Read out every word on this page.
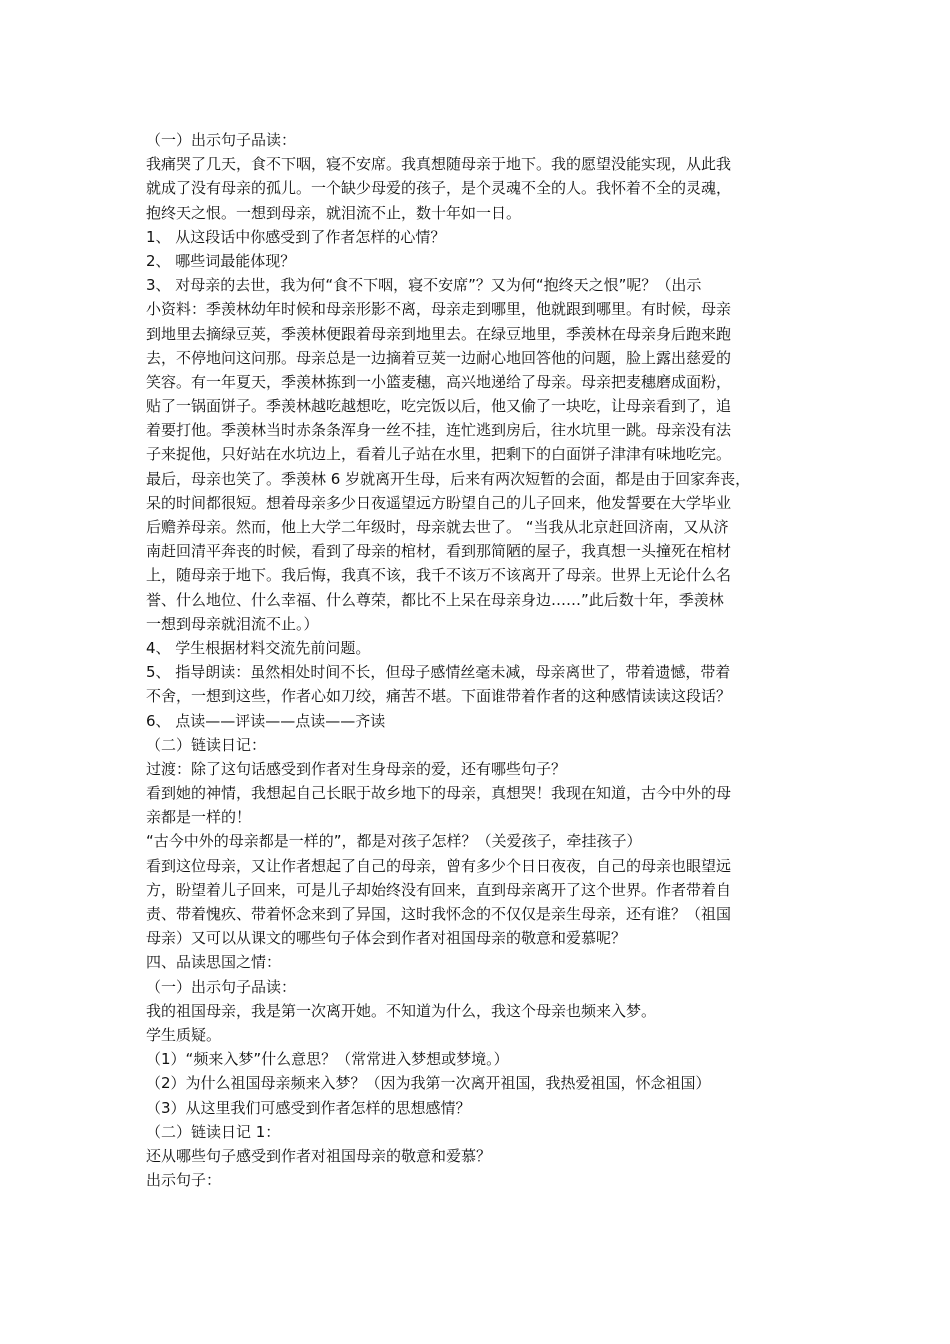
（一）出示句子品读：
我痛哭了几天，食不下咽，寝不安席。我真想随母亲于地下。我的愿望没能实现，从此我
就成了没有母亲的孤儿。一个缺少母爱的孩子，是个灵魂不全的人。我怀着不全的灵魂，
抱终天之恨。一想到母亲，就泪流不止，数十年如一日。
1、 从这段话中你感受到了作者怎样的心情？
2、 哪些词最能体现？
3、 对母亲的去世，我为何“食不下咽，寝不安席”？又为何“抱终天之恨”呢？（出示
小资料：季羡林幼年时候和母亲形影不离，母亲走到哪里，他就跟到哪里。有时候，母亲
到地里去摘绿豆荚，季羡林便跟着母亲到地里去。在绿豆地里，季羡林在母亲身后跑来跑
去，不停地问这问那。母亲总是一边摘着豆荚一边耐心地回答他的问题，脸上露出慈爱的
笑容。有一年夏天，季羡林拣到一小篮麦穗，高兴地递给了母亲。母亲把麦穗磨成面粉，
贴了一锅面饼子。季羡林越吃越想吃，吃完饭以后，他又偷了一块吃，让母亲看到了，追
着要打他。季羡林当时赤条条浑身一丝不挂，连忙逃到房后，往水坑里一跳。母亲没有法
子来捉他，只好站在水坑边上，看着儿子站在水里，把剩下的白面饼子津津有味地吃完。
最后，母亲也笑了。季羡林 6 岁就离开生母，后来有两次短暂的会面，都是由于回家奔丧，
呆的时间都很短。想着母亲多少日夜遥望远方盼望自己的儿子回来，他发誓要在大学毕业
后赡养母亲。然而，他上大学二年级时，母亲就去世了。 “当我从北京赶回济南，又从济
南赶回清平奔丧的时候，看到了母亲的棺材，看到那简陋的屋子，我真想一头撞死在棺材
上，随母亲于地下。我后悔，我真不该，我千不该万不该离开了母亲。世界上无论什么名
誉、什么地位、什么幸福、什么尊荣，都比不上呆在母亲身边……”此后数十年，季羡林
一想到母亲就泪流不止。）
4、 学生根据材料交流先前问题。
5、 指导朗读：虽然相处时间不长，但母子感情丝毫未减，母亲离世了，带着遗憾，带着
不舍，一想到这些，作者心如刀绞，痛苦不堪。下面谁带着作者的这种感情读读这段话？
6、 点读——评读——点读——齐读
（二）链读日记：
过渡：除了这句话感受到作者对生身母亲的爱，还有哪些句子？
看到她的神情，我想起自己长眠于故乡地下的母亲，真想哭！我现在知道，古今中外的母
亲都是一样的！
“古今中外的母亲都是一样的”，都是对孩子怎样？（关爱孩子，牵挂孩子）
看到这位母亲，又让作者想起了自己的母亲，曾有多少个日日夜夜，自己的母亲也眼望远
方，盼望着儿子回来，可是儿子却始终没有回来，直到母亲离开了这个世界。作者带着自
责、带着愧疚、带着怀念来到了异国，这时我怀念的不仅仅是亲生母亲，还有谁？（祖国
母亲）又可以从课文的哪些句子体会到作者对祖国母亲的敬意和爱慕呢？
四、品读思国之情：
（一）出示句子品读：
我的祖国母亲，我是第一次离开她。不知道为什么，我这个母亲也频来入梦。
学生质疑。
（1）“频来入梦”什么意思？（常常进入梦想或梦境。）
（2）为什么祖国母亲频来入梦？（因为我第一次离开祖国，我热爱祖国，怀念祖国）
（3）从这里我们可感受到作者怎样的思想感情？
（二）链读日记 1：
还从哪些句子感受到作者对祖国母亲的敬意和爱慕？
出示句子：
